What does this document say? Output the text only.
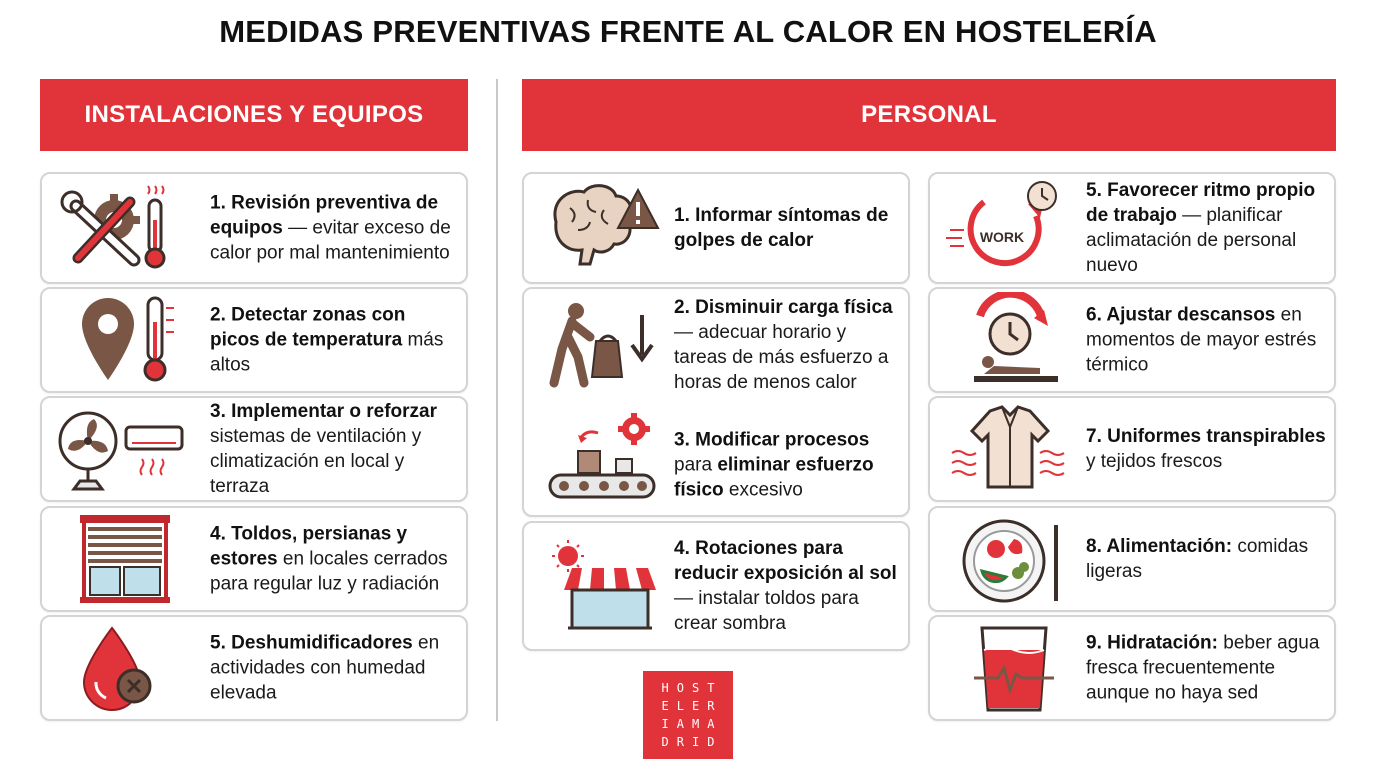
MEDIDAS PREVENTIVAS FRENTE AL CALOR EN HOSTELERÍA
INSTALACIONES Y EQUIPOS	PERSONAL
1. Revisión preventiva de equipos — evitar exceso de calor por mal mantenimiento
2. Detectar zonas con picos de temperatura más altos
3. Implementar o reforzar sistemas de ventilación y climatización en local y terraza
4. Toldos, persianas y estores en locales cerrados para regular luz y radiación
5. Deshumidificadores en actividades con humedad elevada
1. Informar síntomas de golpes de calor
2. Disminuir carga física — adecuar horario y tareas de más esfuerzo a horas de menos calor
3. Modificar procesos
para eliminar esfuerzo físico excesivo
4. Rotaciones para reducir exposición al sol — instalar toldos para crear sombra
WORK
5. Favorecer ritmo propio de trabajo — planificar aclimatación de personal nuevo
6. Ajustar descansos en momentos de mayor estrés térmico
7. Uniformes transpirables y tejidos frescos
8. Alimentación: comidas ligeras
9. Hidratación: beber agua fresca frecuentemente aunque no haya sed
HOST
ELER
IAMA
DRID
